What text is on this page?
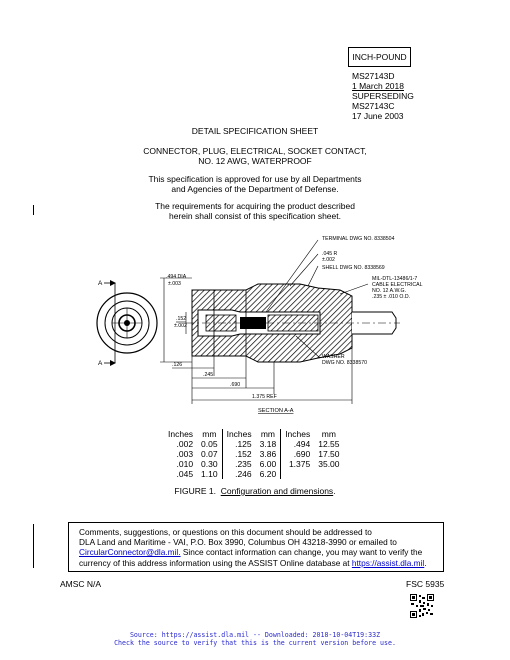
INCH-POUND
MS27143D
1 March 2018
SUPERSEDING
MS27143C
17 June 2003
DETAIL SPECIFICATION SHEET
CONNECTOR, PLUG, ELECTRICAL, SOCKET CONTACT,
NO. 12 AWG, WATERPROOF
This specification is approved for use by all Departments
and Agencies of the Department of Defense.
The requirements for acquiring the product described
herein shall consist of this specification sheet.
A
A
TERMINAL DWG NO. 8338504
.045 R
±.002
SHELL DWG NO. 8338569
MIL-DTL-13486/1-7
CABLE ELECTRICAL
NO. 12 A.W.G.
.235 ± .010 O.D.
.494 DIA
±.003
.152
±.002
WASHER
DWG NO. 8338570
.126
.245
.690
1.375 REF
SECTION A-A
Inches	mm	Inches	mm	Inches	mm
.002	0.05	.125	3.18	.494	12.55
.003	0.07	.152	3.86	.690	17.50
.010	0.30	.235	6.00	1.375	35.00
.045	1.10	.246	6.20		
FIGURE 1. Configuration and dimensions.
Comments, suggestions, or questions on this document should be addressed to
DLA Land and Maritime - VAI, P.O. Box 3990, Columbus OH 43218-3990 or emailed to
CircularConnector@dla.mil. Since contact information can change, you may want to verify the
currency of this address information using the ASSIST Online database at https://assist.dla.mil.
AMSC N/A	FSC 5935
Source: https://assist.dla.mil -- Downloaded: 2018-10-04T19:33Z
Check the source to verify that this is the current version before use.
